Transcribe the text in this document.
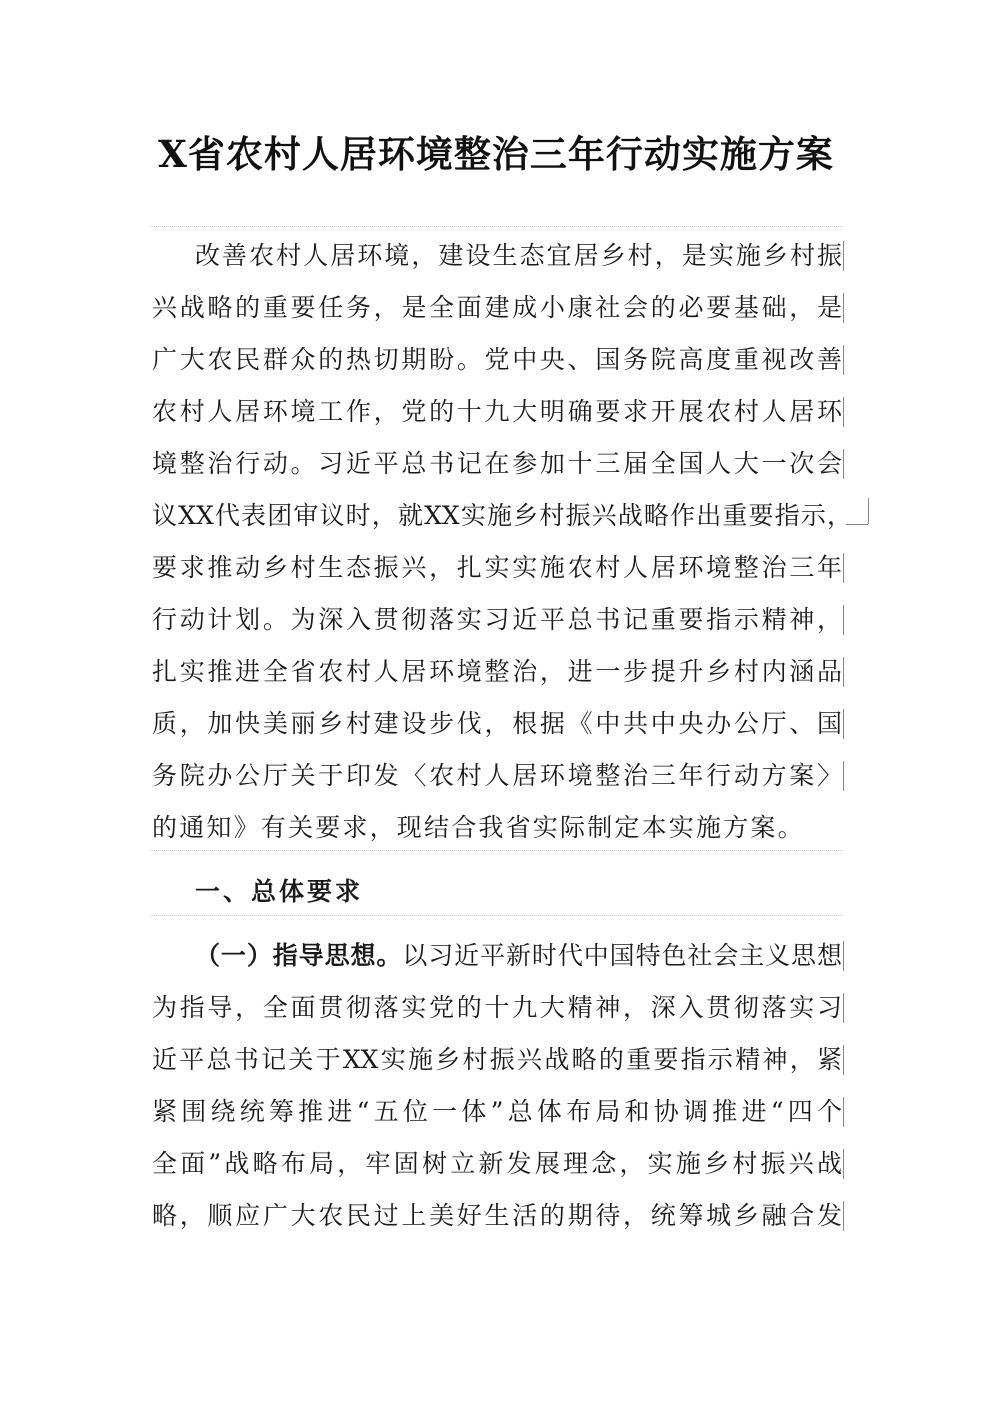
X省农村人居环境整治三年行动实施方案
改善农村人居环境，建设生态宜居乡村，是实施乡村振
兴战略的重要任务，是全面建成小康社会的必要基础，是
广大农民群众的热切期盼。党中央、国务院高度重视改善
农村人居环境工作，党的十九大明确要求开展农村人居环
境整治行动。习近平总书记在参加十三届全国人大一次会
议XX代表团审议时，就XX实施乡村振兴战略作出重要指示，
要求推动乡村生态振兴，扎实实施农村人居环境整治三年
行动计划。为深入贯彻落实习近平总书记重要指示精神，
扎实推进全省农村人居环境整治，进一步提升乡村内涵品
质，加快美丽乡村建设步伐，根据《中共中央办公厅、国
务院办公厅关于印发〈农村人居环境整治三年行动方案〉
的通知》有关要求，现结合我省实际制定本实施方案。
一、总体要求
（一）指导思想。以习近平新时代中国特色社会主义思想
为指导，全面贯彻落实党的十九大精神，深入贯彻落实习
近平总书记关于XX实施乡村振兴战略的重要指示精神，紧
紧围绕统筹推进“五位一体”总体布局和协调推进“四个
全面”战略布局，牢固树立新发展理念，实施乡村振兴战
略，顺应广大农民过上美好生活的期待，统筹城乡融合发
